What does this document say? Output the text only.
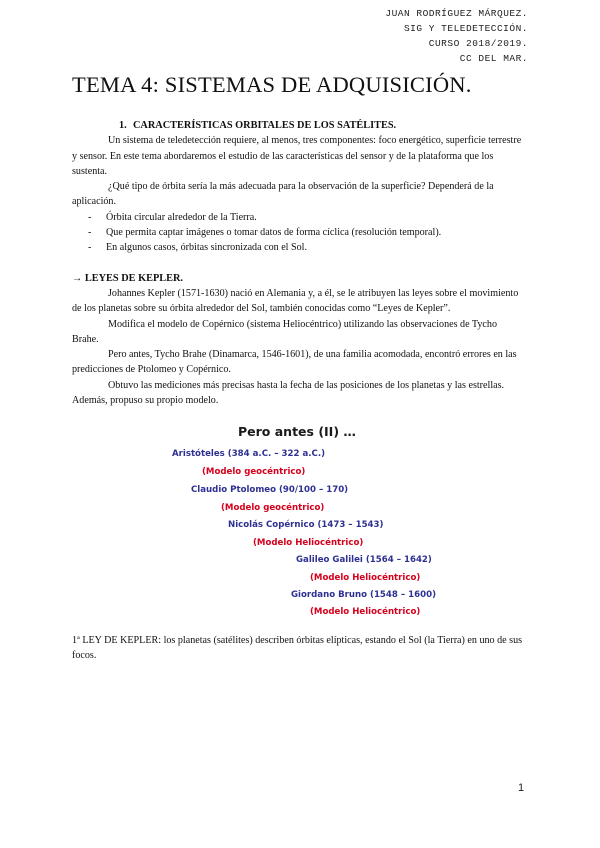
JUAN RODRÍGUEZ MÁRQUEZ.
SIG Y TELEDETECCIÓN.
CURSO 2018/2019.
CC DEL MAR.
TEMA 4: SISTEMAS DE ADQUISICIÓN.
1. CARACTERÍSTICAS ORBITALES DE LOS SATÉLITES.

Un sistema de teledetección requiere, al menos, tres componentes: foco energético, superficie terrestre y sensor. En este tema abordaremos el estudio de las características del sensor y de la plataforma que los sustenta.

¿Qué tipo de órbita sería la más adecuada para la observación de la superficie? Dependerá de la aplicación.

- Órbita circular alrededor de la Tierra.
- Que permita captar imágenes o tomar datos de forma cíclica (resolución temporal).
- En algunos casos, órbitas sincronizada con el Sol.
→ LEYES DE KEPLER.

Johannes Kepler (1571-1630) nació en Alemania y, a él, se le atribuyen las leyes sobre el movimiento de los planetas sobre su órbita alrededor del Sol, también conocidas como “Leyes de Kepler”.

Modifica el modelo de Copérnico (sistema Heliocéntrico) utilizando las observaciones de Tycho Brahe.

Pero antes, Tycho Brahe (Dinamarca, 1546-1601), de una familia acomodada, encontró errores en las predicciones de Ptolomeo y Copérnico.

Obtuvo las mediciones más precisas hasta la fecha de las posiciones de los planetas y las estrellas. Además, propuso su propio modelo.

Pero antes (II) …
Aristóteles (384 a.C. – 322 a.C.)
(Modelo geocéntrico)
Claudio Ptolomeo (90/100 – 170)
(Modelo geocéntrico)
Nicolás Copérnico (1473 – 1543)
(Modelo Heliocéntrico)
Galileo Galilei (1564 – 1642)
(Modelo Heliocéntrico)
Giordano Bruno (1548 – 1600)
(Modelo Heliocéntrico)

1ª LEY DE KEPLER: los planetas (satélites) describen órbitas elípticas, estando el Sol (la Tierra) en uno de sus focos.

1
